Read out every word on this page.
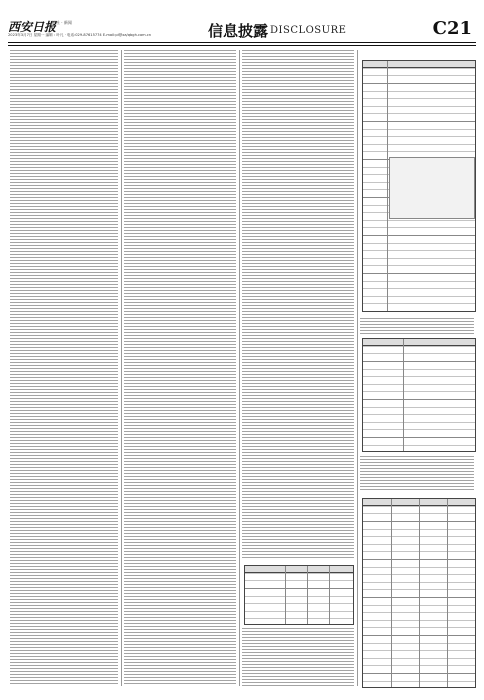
西安日报
报社 · 新闻
2023年3月7日 星期一 编辑 : 叶凡 · 电话:029-87615774 E-mail:pl@xa/qbgh.com.cn	信息披露 DISCLOSURE	C21
